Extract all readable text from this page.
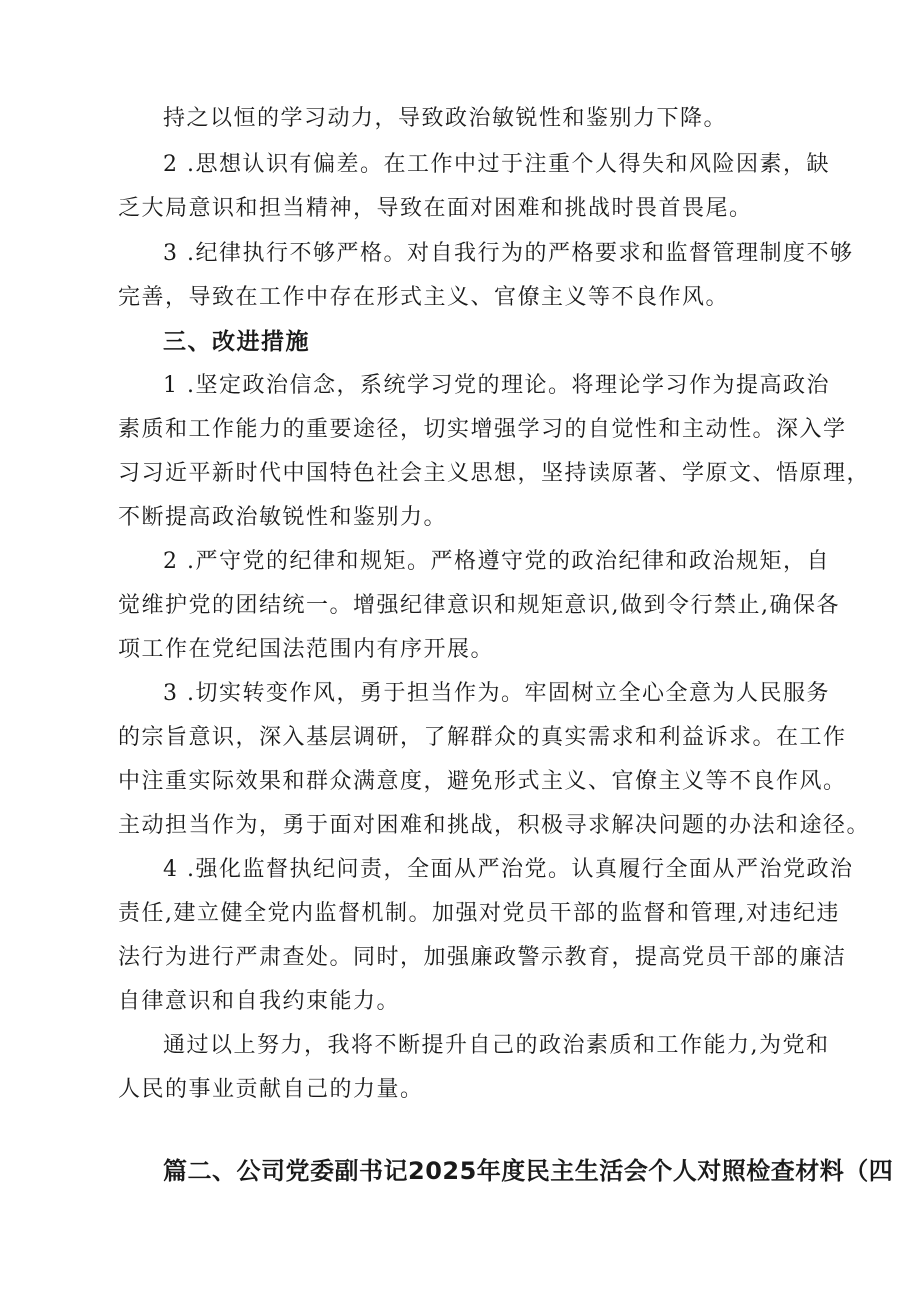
持之以恒的学习动力，导致政治敏锐性和鉴别力下降。
2 .思想认识有偏差。在工作中过于注重个人得失和风险因素，缺
乏大局意识和担当精神，导致在面对困难和挑战时畏首畏尾。
3 .纪律执行不够严格。对自我行为的严格要求和监督管理制度不够
完善，导致在工作中存在形式主义、官僚主义等不良作风。
三、改进措施
1 .坚定政治信念，系统学习党的理论。将理论学习作为提高政治
素质和工作能力的重要途径，切实增强学习的自觉性和主动性。深入学
习习近平新时代中国特色社会主义思想，坚持读原著、学原文、悟原理，
不断提高政治敏锐性和鉴别力。
2 .严守党的纪律和规矩。严格遵守党的政治纪律和政治规矩，自
觉维护党的团结统一。增强纪律意识和规矩意识,做到令行禁止,确保各
项工作在党纪国法范围内有序开展。
3 .切实转变作风，勇于担当作为。牢固树立全心全意为人民服务
的宗旨意识，深入基层调研，了解群众的真实需求和利益诉求。在工作
中注重实际效果和群众满意度，避免形式主义、官僚主义等不良作风。
主动担当作为，勇于面对困难和挑战，积极寻求解决问题的办法和途径。
4 .强化监督执纪问责，全面从严治党。认真履行全面从严治党政治
责任,建立健全党内监督机制。加强对党员干部的监督和管理,对违纪违
法行为进行严肃查处。同时，加强廉政警示教育，提高党员干部的廉洁
自律意识和自我约束能力。
通过以上努力，我将不断提升自己的政治素质和工作能力,为党和
人民的事业贡献自己的力量。
篇二、公司党委副书记2025年度民主生活会个人对照检查材料（四
